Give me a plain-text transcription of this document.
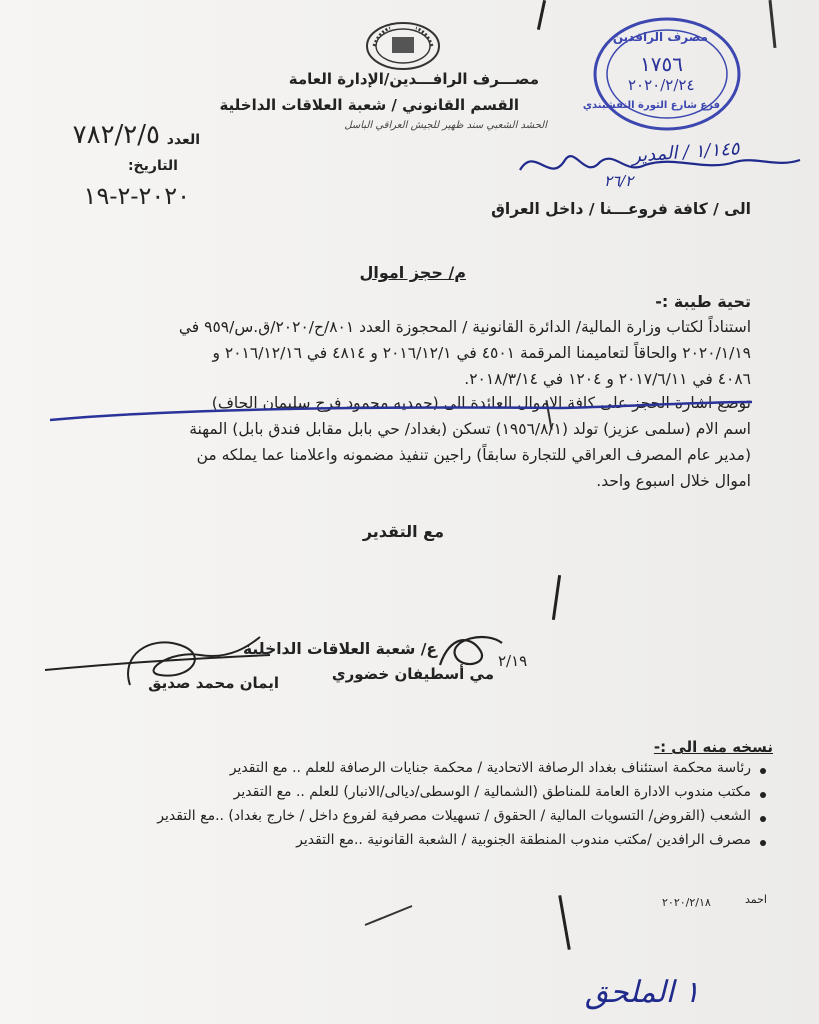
مصـــرف الرافـــدين/الإدارة العامة
القسم القانوني / شعبة العلاقات الداخلية
الحشد الشعبي سند ظهير للجيش العراقي الباسل
العدد
٧٨٢/٢/٥
التاريخ:
٢٠٢٠-٢-١٩
مصرف الرافدين
١٧٥٦
٢٠٢٠/٢/٢٤
فرع شارع الثورة النقشبندي
١/١٤٥ / المدير
٢٦/٢
الى / كافة فروعـــنا / داخل العراق
م/ حجز اموال
تحية طيبة :-
استناداً لكتاب وزارة المالية/ الدائرة القانونية / المحجوزة العدد ٨٠١/ح/٢٠٢٠/ق.س/٩٥٩ في
٢٠٢٠/١/١٩ والحاقاً لتعاميمنا المرقمة ٤٥٠١ في ٢٠١٦/١٢/١ و ٤٨١٤ في ٢٠١٦/١٢/١٦ و
٤٠٨٦ في ٢٠١٧/٦/١١ و ١٢٠٤ في ٢٠١٨/٣/١٤.
توضع اشارة الحجز على كافة الاموال العائدة الى (حمديه محمود فرج سليمان الجاف)
اسم الام (سلمى عزيز) تولد (١٩٥٦/٨/١) تسكن (بغداد/ حي بابل مقابل فندق بابل) المهنة
(مدير عام المصرف العراقي للتجارة سابقاً) راجين تنفيذ مضمونه واعلامنا عما يملكه من
اموال خلال اسبوع واحد.
مع التقدير
ع/ شعبة العلاقات الداخلية
ايمان محمد صديق	مي أسطيفان خضوري
٢/١٩
نسخه منه الى :-
رئاسة محكمة استئناف بغداد الرصافة الاتحادية / محكمة جنايات الرصافة للعلم .. مع التقدير
مكتب مندوب الادارة العامة للمناطق (الشمالية / الوسطى/ديالى/الانبار) للعلم .. مع التقدير
الشعب (القروض/ التسويات المالية / الحقوق / تسهيلات مصرفية لفروع داخل / خارج بغداد) ..مع التقدير
مصرف الرافدين /مكتب مندوب المنطقة الجنوبية / الشعبة القانونية ..مع التقدير
احمد
٢٠٢٠/٢/١٨
١ الملحق
